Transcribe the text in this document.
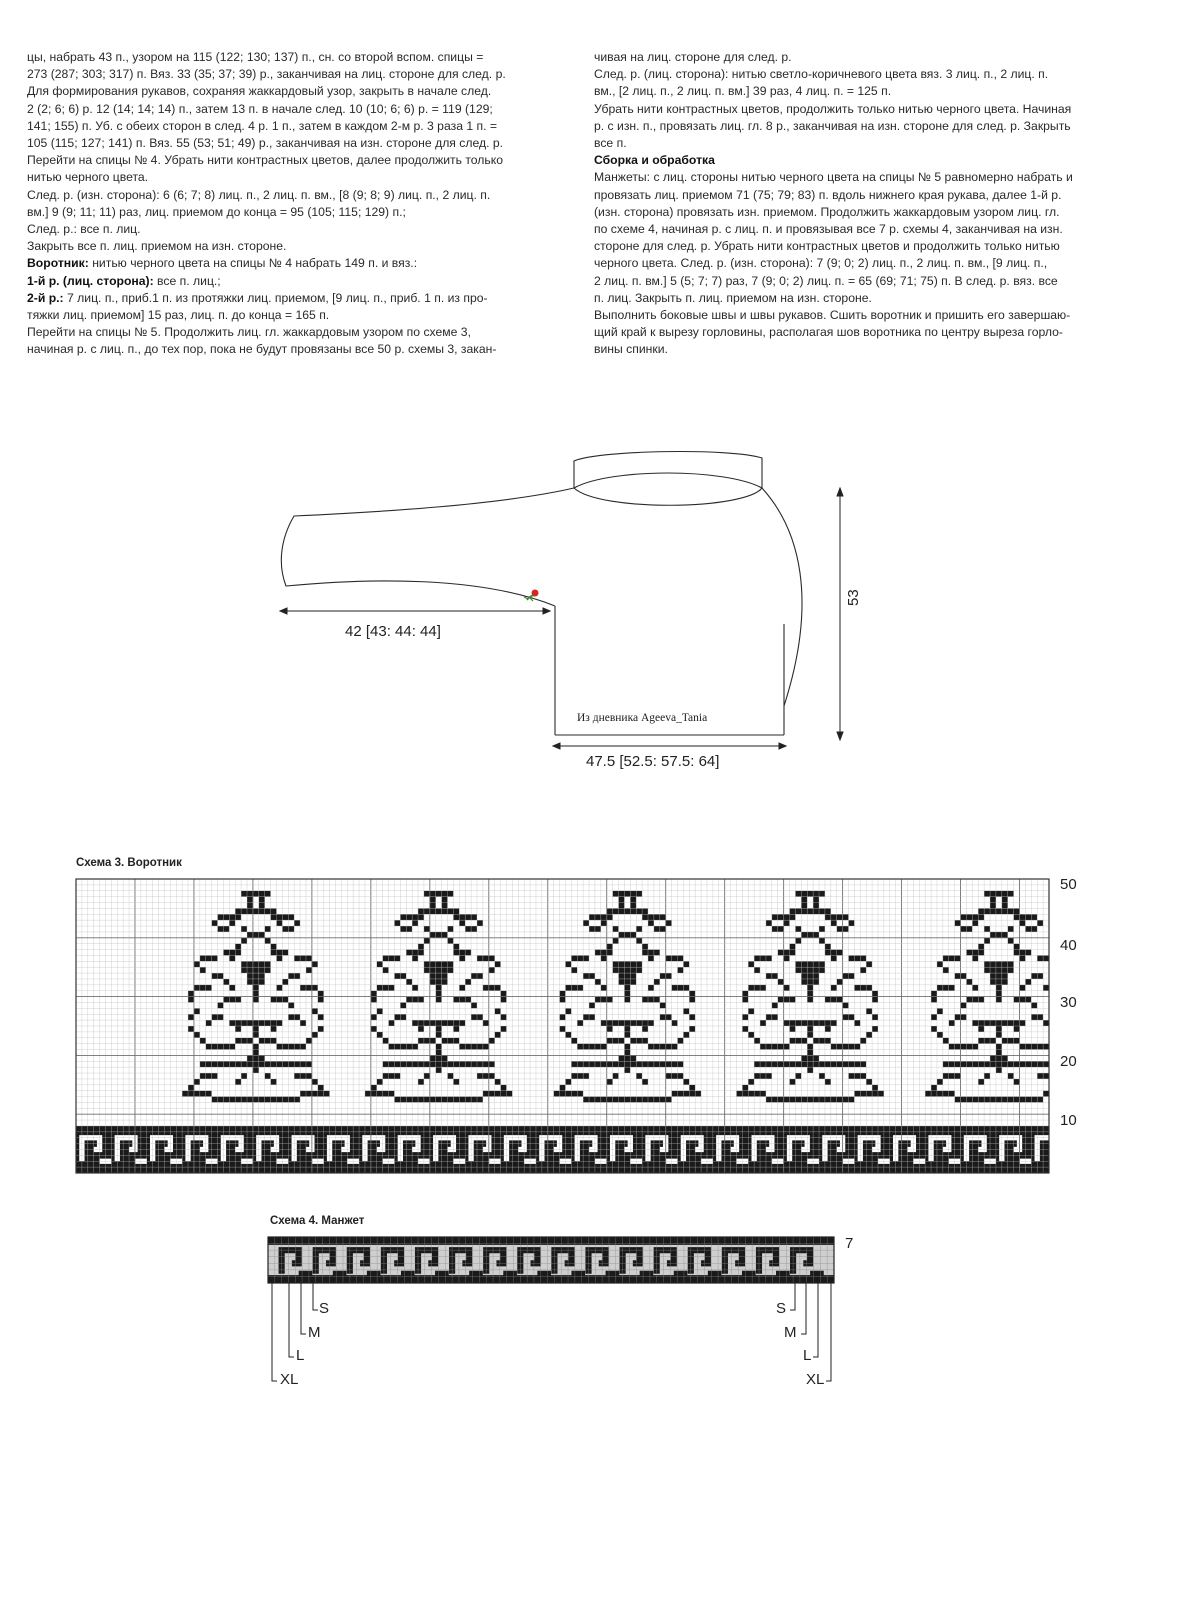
цы, набрать 43 п., узором на 115 (122; 130; 137) п., сн. со второй вспом. спицы =

273 (287; 303; 317) п. Вяз. 33 (35; 37; 39) р., заканчивая на лиц. стороне для след. р.

Для формирования рукавов, сохраняя жаккардовый узор, закрыть в начале след.

2 (2; 6; 6) р. 12 (14; 14; 14) п., затем 13 п. в начале след. 10 (10; 6; 6) р. = 119 (129;

141; 155) п. Уб. с обеих сторон в след. 4 р. 1 п., затем в каждом 2-м р. 3 раза 1 п. =

105 (115; 127; 141) п. Вяз. 55 (53; 51; 49) р., заканчивая на изн. стороне для след. р.

Перейти на спицы № 4. Убрать нити контрастных цветов, далее продолжить только

нитью черного цвета.

След. р. (изн. сторона): 6 (6; 7; 8) лиц. п., 2 лиц. п. вм., [8 (9; 8; 9) лиц. п., 2 лиц. п.

вм.] 9 (9; 11; 11) раз, лиц. приемом до конца = 95 (105; 115; 129) п.;

След. р.: все п. лиц.

Закрыть все п. лиц. приемом на изн. стороне.

Воротник: нитью черного цвета на спицы № 4 набрать 149 п. и вяз.:

1-й р. (лиц. сторона): все п. лиц.;

2-й р.: 7 лиц. п., приб.1 п. из протяжки лиц. приемом, [9 лиц. п., приб. 1 п. из про-

тяжки лиц. приемом] 15 раз, лиц. п. до конца = 165 п.

Перейти на спицы № 5. Продолжить лиц. гл. жаккардовым узором по схеме 3,

начиная р. с лиц. п., до тех пор, пока не будут провязаны все 50 р. схемы 3, закан-

чивая на лиц. стороне для след. р.

След. р. (лиц. сторона): нитью светло-коричневого цвета вяз. 3 лиц. п., 2 лиц. п.

вм., [2 лиц. п., 2 лиц. п. вм.] 39 раз, 4 лиц. п. = 125 п.

Убрать нити контрастных цветов, продолжить только нитью черного цвета. Начиная

р. с изн. п., провязать лиц. гл. 8 р., заканчивая на изн. стороне для след. р. Закрыть

все п.

Сборка и обработка

Манжеты: с лиц. стороны нитью черного цвета на спицы № 5 равномерно набрать и

провязать лиц. приемом 71 (75; 79; 83) п. вдоль нижнего края рукава, далее 1-й р.

(изн. сторона) провязать изн. приемом. Продолжить жаккардовым узором лиц. гл.

по схеме 4, начиная р. с лиц. п. и провязывая все 7 р. схемы 4, заканчивая на изн.

стороне для след. р. Убрать нити контрастных цветов и продолжить только нитью

черного цвета. След. р. (изн. сторона): 7 (9; 0; 2) лиц. п., 2 лиц. п. вм., [9 лиц. п.,

2 лиц. п. вм.] 5 (5; 7; 7) раз, 7 (9; 0; 2) лиц. п. = 65 (69; 71; 75) п. В след. р. вяз. все

п. лиц. Закрыть п. лиц. приемом на изн. стороне.

Выполнить боковые швы и швы рукавов. Сшить воротник и пришить его завершаю-

щий край к вырезу горловины, располагая шов воротника по центру выреза горло-

вины спинки.

42 [43: 44: 44]
47.5 [52.5: 57.5: 64]
53
Из дневника Ageeva_Tania
Схема 3. Воротник
50
40
30
20
10
Схема 4. Манжет
7
S
M
L
XL
S
M
L
XL
